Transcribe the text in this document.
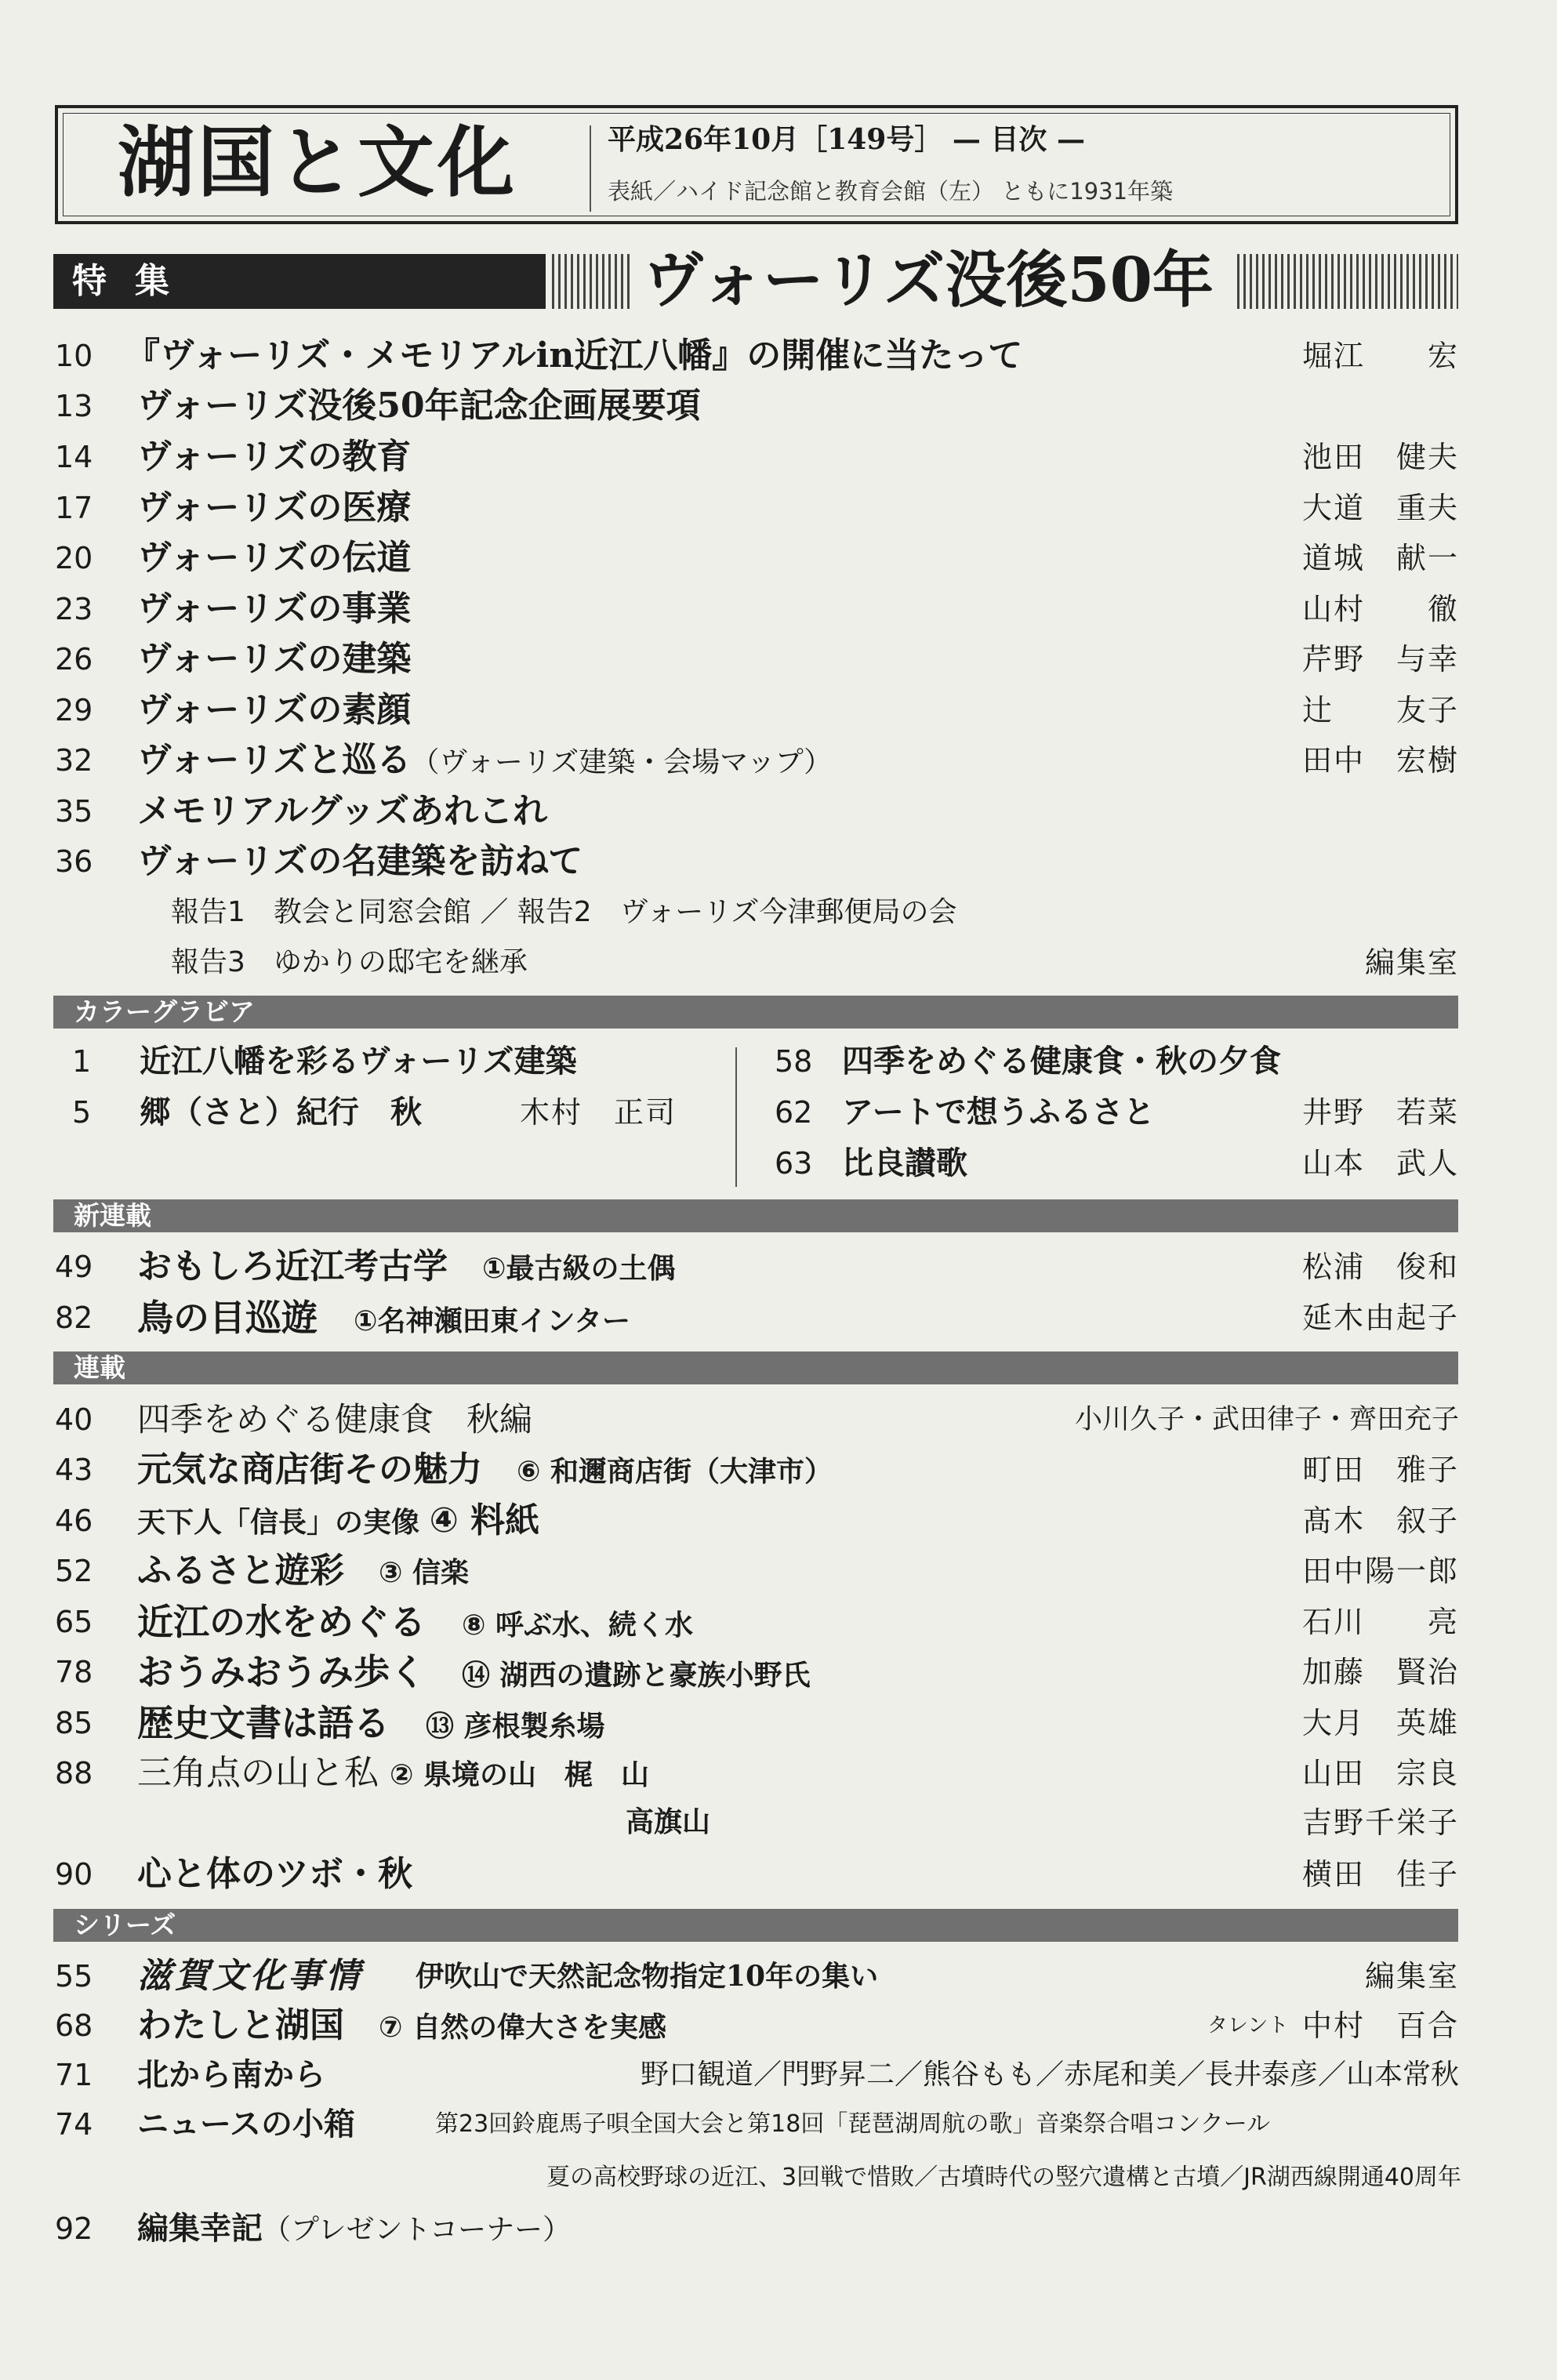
湖国と文化	平成26年10月［149号］ — 目次 —
表紙／ハイド記念館と教育会館（左） ともに1931年築
特集	ヴォーリズ没後50年
10 『ヴォーリズ・メモリアルin近江八幡』の開催に当たって	堀江　　宏
13	ヴォーリズ没後50年記念企画展要項
14	ヴォーリズの教育	池田　健夫
17	ヴォーリズの医療	大道　重夫
20	ヴォーリズの伝道	道城　献一
23	ヴォーリズの事業	山村　　徹
26	ヴォーリズの建築	芹野　与幸
29	ヴォーリズの素顔	辻　　友子
32	ヴォーリズと巡る（ヴォーリズ建築・会場マップ）	田中　宏樹
35	メモリアルグッズあれこれ
36	ヴォーリズの名建築を訪ねて
報告1　教会と同窓会館 ／ 報告2　ヴォーリズ今津郵便局の会
報告3　ゆかりの邸宅を継承	編集室
カラーグラビア
1	近江八幡を彩るヴォーリズ建築
5	郷（さと）紀行　秋	木村　正司
58 四季をめぐる健康食・秋の夕食
62 アートで想うふるさと	井野　若菜
63 比良讃歌	山本　武人
新連載
49	おもしろ近江考古学　 ①最古級の土偶	松浦　俊和
82 鳥の目巡遊　 ①名神瀬田東インター	延木由起子
連載
40	四季をめぐる健康食　秋編	小川久子・武田律子・齊田充子
43	元気な商店街その魅力　 ⑥ 和邇商店街（大津市）	町田　雅子
46	天下人「信長」の実像 ④ 料紙	髙木　叙子
52	ふるさと遊彩　 ③ 信楽	田中陽一郎
65 近江の水をめぐる　 ⑧ 呼ぶ水、続く水	石川　　亮
78 おうみおうみ歩く　 ⑭ 湖西の遺跡と豪族小野氏	加藤　賢治
85 歴史文書は語る　 ⑬ 彦根製糸場	大月　英雄
88	三角点の山と私 ② 県境の山　梶　山	山田　宗良
高旗山	吉野千栄子
90	心と体のツボ・秋	横田　佳子
シリーズ
55	滋賀文化事情 伊吹山で天然記念物指定10年の集い	編集室
68	わたしと湖国　 ⑦ 自然の偉大さを実感	タレント 中村　百合
71	北から南から	野口観道／門野昇二／熊谷もも／赤尾和美／長井泰彦／山本常秋
74	ニュースの小箱	第23回鈴鹿馬子唄全国大会と第18回「琵琶湖周航の歌」音楽祭合唱コンクール
夏の高校野球の近江、3回戦で惜敗／古墳時代の竪穴遺構と古墳／JR湖西線開通40周年
92	編集幸記（プレゼントコーナー）
